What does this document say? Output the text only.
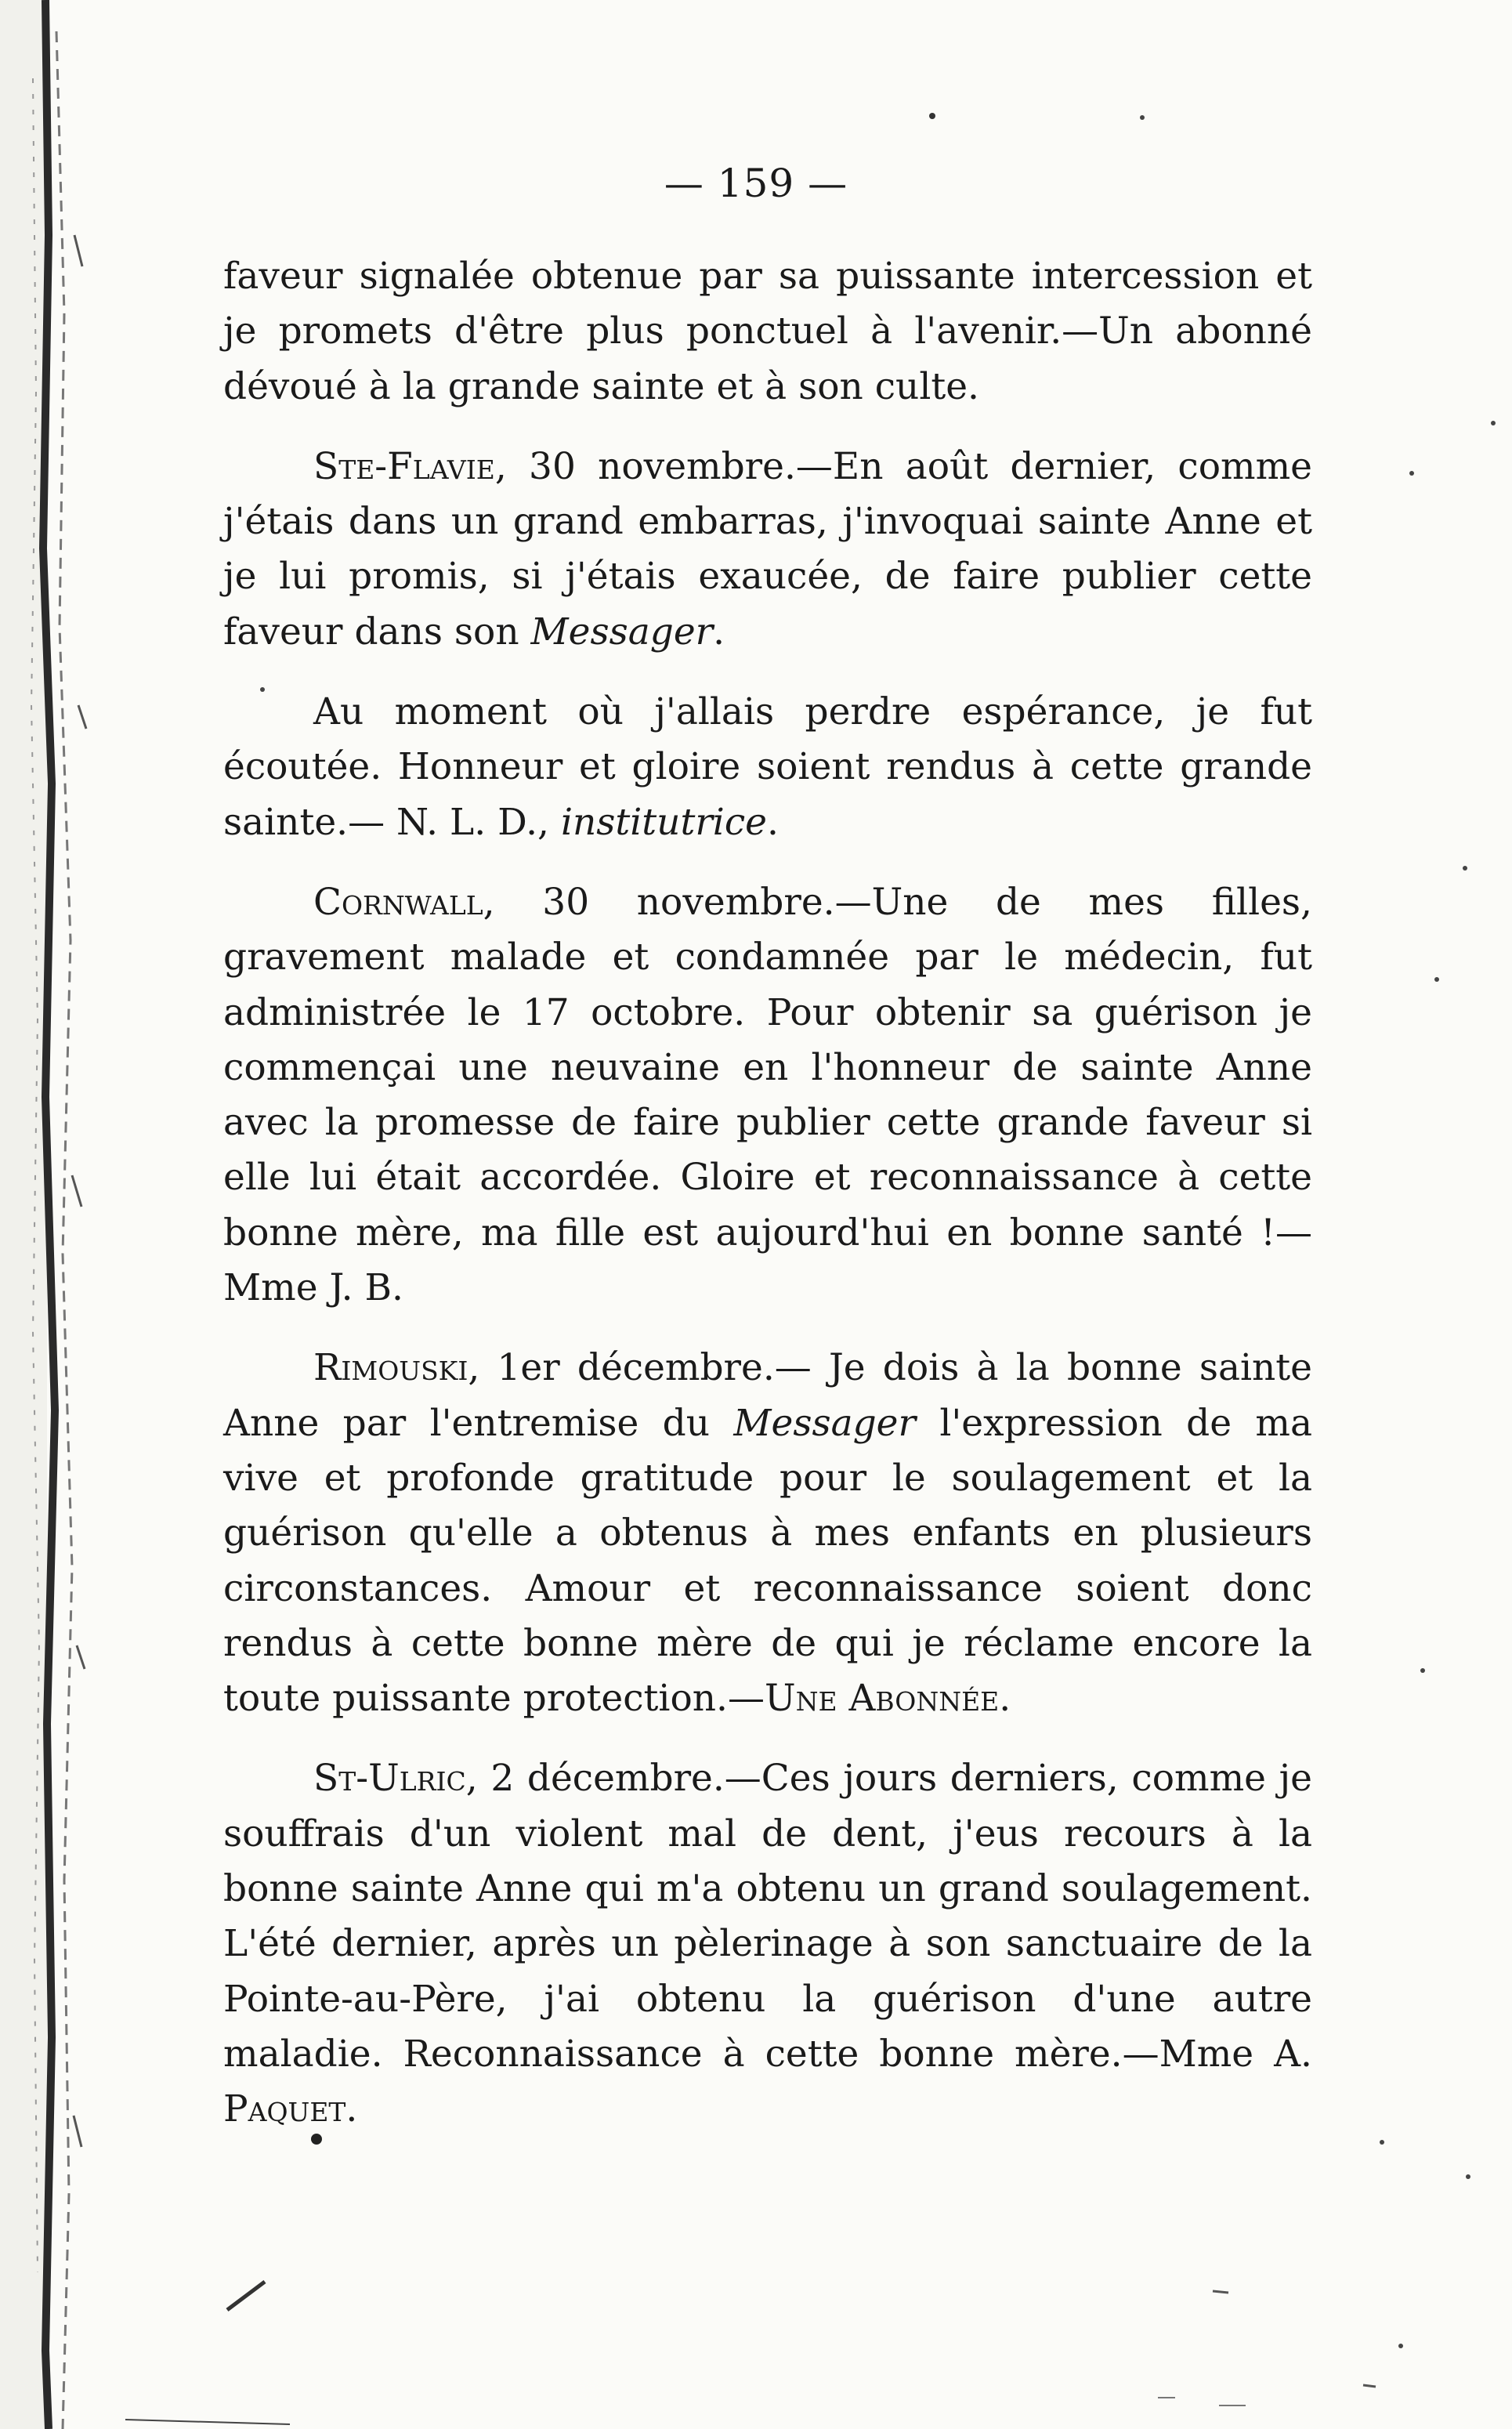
— 159 —

faveur signalée obtenue par sa puissante intercession et je promets d'être plus ponctuel à l'avenir.—Un abonné dévoué à la grande sainte et à son culte.

Ste-Flavie, 30 novembre.—En août dernier, comme j'étais dans un grand embarras, j'invoquai sainte Anne et je lui promis, si j'étais exaucée, de faire publier cette faveur dans son Messager.

Au moment où j'allais perdre espérance, je fut écoutée. Honneur et gloire soient rendus à cette grande sainte.— N. L. D., institutrice.

Cornwall, 30 novembre.—Une de mes filles, gravement malade et condamnée par le médecin, fut administrée le 17 octobre. Pour obtenir sa guérison je commençai une neuvaine en l'honneur de sainte Anne avec la promesse de faire publier cette grande faveur si elle lui était accordée. Gloire et reconnaissance à cette bonne mère, ma fille est aujourd'hui en bonne santé !—Mme J. B.

Rimouski, 1er décembre.— Je dois à la bonne sainte Anne par l'entremise du Messager l'expression de ma vive et profonde gratitude pour le soulagement et la guérison qu'elle a obtenus à mes enfants en plusieurs circonstances. Amour et reconnaissance soient donc rendus à cette bonne mère de qui je réclame encore la toute puissante protection.—Une Abonnée.

St-Ulric, 2 décembre.—Ces jours derniers, comme je souffrais d'un violent mal de dent, j'eus recours à la bonne sainte Anne qui m'a obtenu un grand soulagement. L'été dernier, après un pèlerinage à son sanctuaire de la Pointe-au-Père, j'ai obtenu la guérison d'une autre maladie. Reconnaissance à cette bonne mère.—Mme A. Paquet.
